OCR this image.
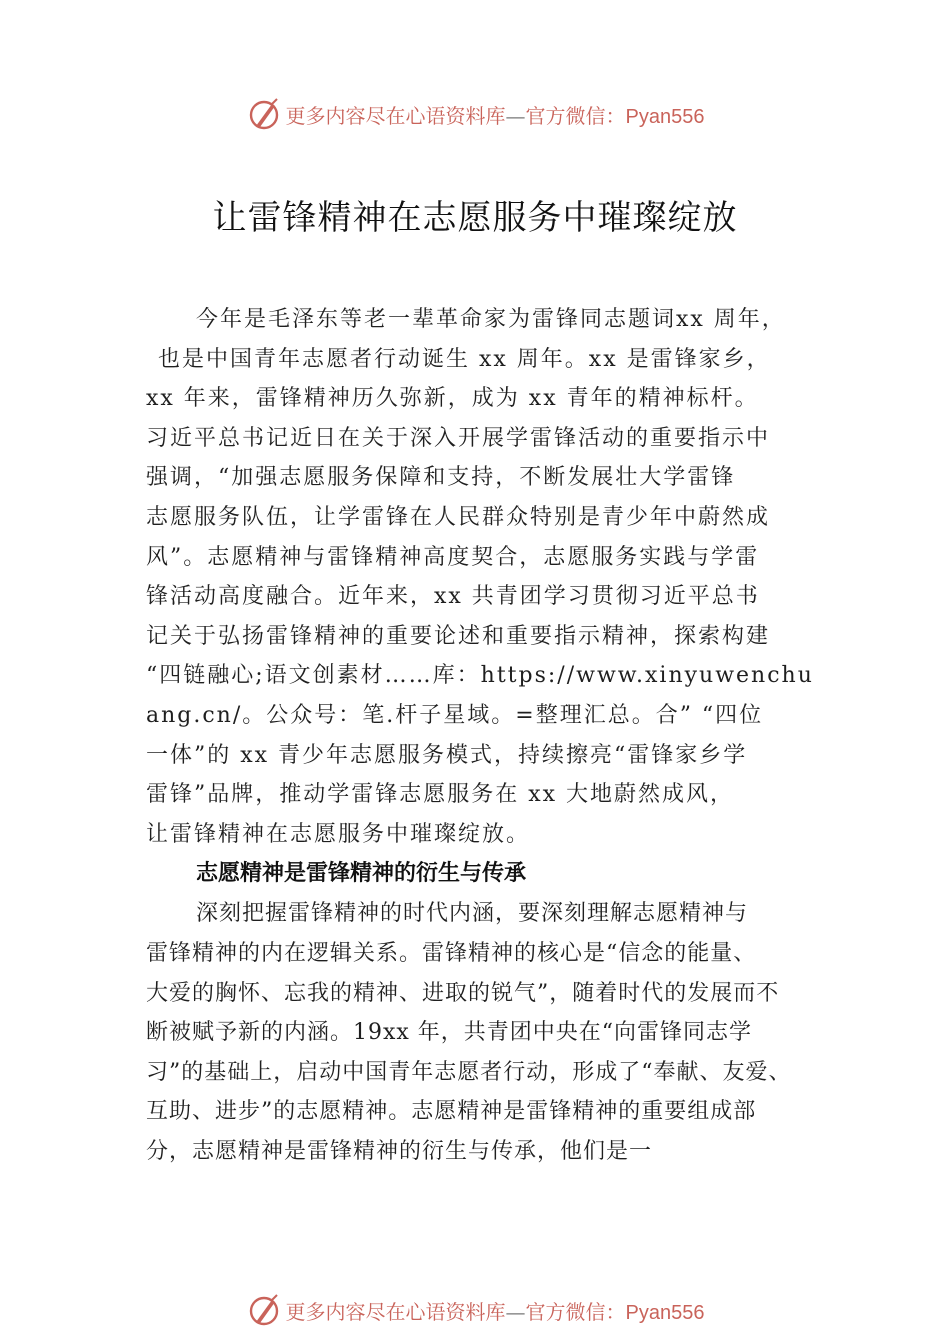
更多内容尽在心语资料库—官方微信：Pyan556
让雷锋精神在志愿服务中璀璨绽放
今年是毛泽东等老一辈革命家为雷锋同志题词xx 周年，
也是中国青年志愿者行动诞生 xx 周年。xx 是雷锋家乡，
xx 年来，雷锋精神历久弥新，成为 xx 青年的精神标杆。
习近平总书记近日在关于深入开展学雷锋活动的重要指示中
强调，“加强志愿服务保障和支持，不断发展壮大学雷锋
志愿服务队伍，让学雷锋在人民群众特别是青少年中蔚然成
风”。志愿精神与雷锋精神高度契合，志愿服务实践与学雷
锋活动高度融合。近年来，xx 共青团学习贯彻习近平总书
记关于弘扬雷锋精神的重要论述和重要指示精神，探索构建
“四链融心;语文创素材……库：https://www.xinyuwenchu
ang.cn/。公众号：笔.杆子星域。=整理汇总。合” “四位
一体”的 xx 青少年志愿服务模式，持续擦亮“雷锋家乡学
雷锋”品牌，推动学雷锋志愿服务在 xx 大地蔚然成风，
让雷锋精神在志愿服务中璀璨绽放。
志愿精神是雷锋精神的衍生与传承
深刻把握雷锋精神的时代内涵，要深刻理解志愿精神与
雷锋精神的内在逻辑关系。雷锋精神的核心是“信念的能量、
大爱的胸怀、忘我的精神、进取的锐气”，随着时代的发展而不
断被赋予新的内涵。19xx 年，共青团中央在“向雷锋同志学
习”的基础上，启动中国青年志愿者行动，形成了“奉献、友爱、
互助、进步”的志愿精神。志愿精神是雷锋精神的重要组成部
分，志愿精神是雷锋精神的衍生与传承，他们是一
更多内容尽在心语资料库—官方微信：Pyan556
